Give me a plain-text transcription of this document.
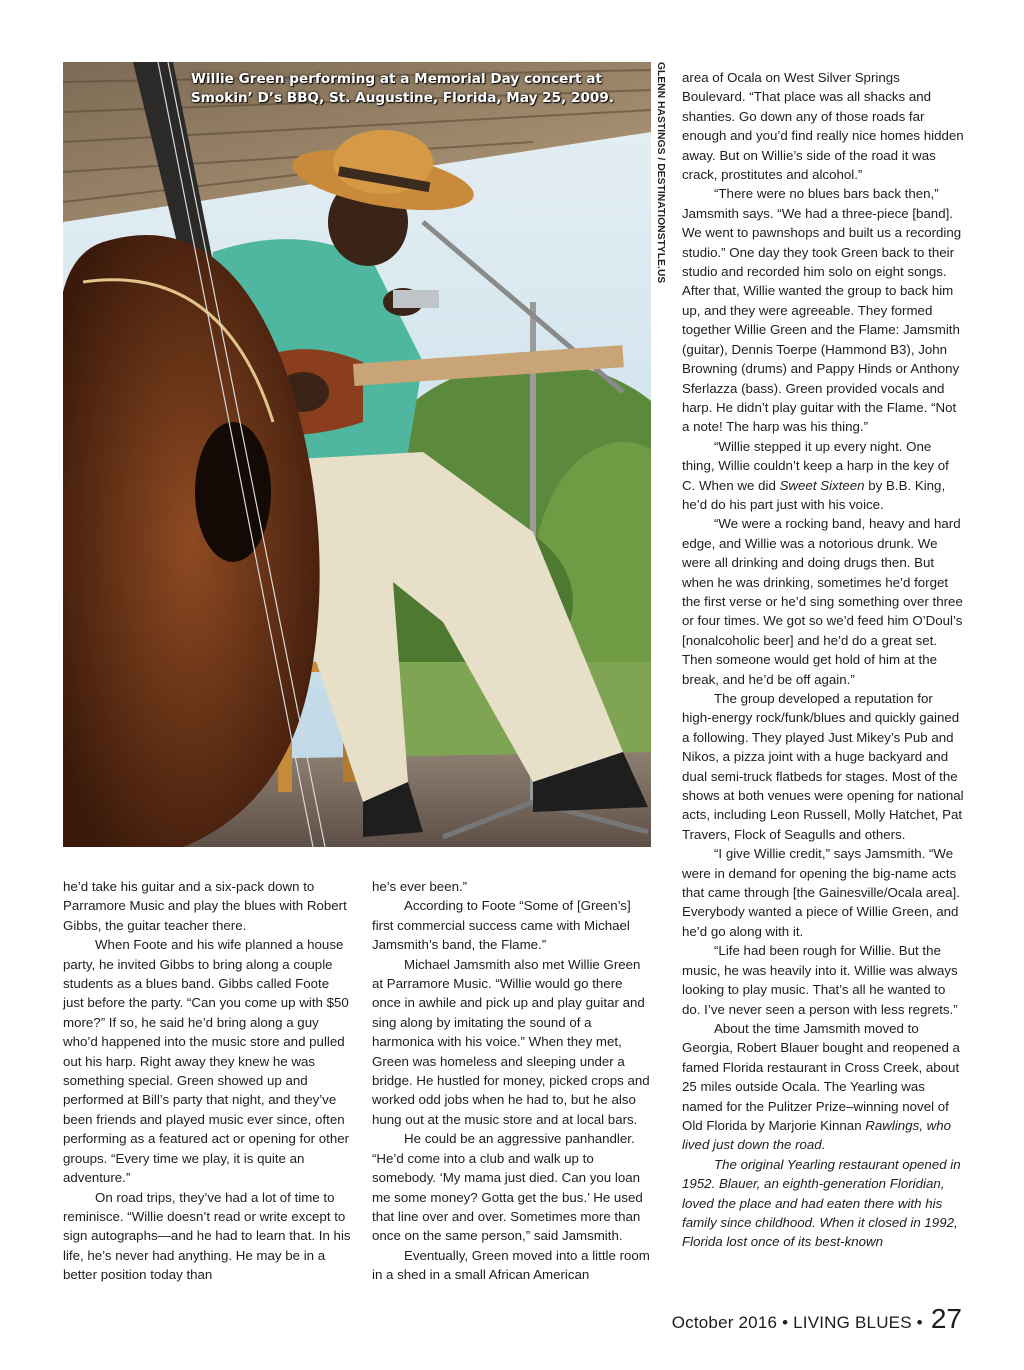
Willie Green performing at a Memorial Day concert at Smokin’ D’s BBQ, St. Augustine, Florida, May 25, 2009.	GLENN HASTINGS / DESTINATIONSTYLE.US

he’d take his guitar and a six-pack down to Parramore Music and play the blues with Robert Gibbs, the guitar teacher there.

When Foote and his wife planned a house party, he invited Gibbs to bring along a couple students as a blues band. Gibbs called Foote just before the party. “Can you come up with $50 more?” If so, he said he’d bring along a guy who’d happened into the music store and pulled out his harp. Right away they knew he was something special. Green showed up and performed at Bill’s party that night, and they’ve been friends and played music ever since, often performing as a featured act or opening for other groups. “Every time we play, it is quite an adventure.”

On road trips, they’ve had a lot of time to reminisce. “Willie doesn’t read or write except to sign autographs—and he had to learn that. In his life, he’s never had anything. He may be in a better position today than

he’s ever been.”

According to Foote “Some of [Green’s] first commercial success came with Michael Jamsmith’s band, the Flame.”

Michael Jamsmith also met Willie Green at Parramore Music. “Willie would go there once in awhile and pick up and play guitar and sing along by imitating the sound of a harmonica with his voice.” When they met, Green was homeless and sleeping under a bridge. He hustled for money, picked crops and worked odd jobs when he had to, but he also hung out at the music store and at local bars.

He could be an aggressive panhandler. “He’d come into a club and walk up to somebody. ‘My mama just died. Can you loan me some money? Gotta get the bus.’ He used that line over and over. Sometimes more than once on the same person,” said Jamsmith.

Eventually, Green moved into a little room in a shed in a small African American

area of Ocala on West Silver Springs Boulevard. “That place was all shacks and shanties. Go down any of those roads far enough and you’d find really nice homes hidden away. But on Willie’s side of the road it was crack, prostitutes and alcohol.”

“There were no blues bars back then,” Jamsmith says. “We had a three-piece [band]. We went to pawnshops and built us a recording studio.” One day they took Green back to their studio and recorded him solo on eight songs. After that, Willie wanted the group to back him up, and they were agreeable. They formed together Willie Green and the Flame: Jamsmith (guitar), Dennis Toerpe (Hammond B3), John Browning (drums) and Pappy Hinds or Anthony Sferlazza (bass). Green provided vocals and harp. He didn’t play guitar with the Flame. “Not a note! The harp was his thing.”

“Willie stepped it up every night. One thing, Willie couldn’t keep a harp in the key of C. When we did Sweet Sixteen by B.B. King, he’d do his part just with his voice.

“We were a rocking band, heavy and hard edge, and Willie was a notorious drunk. We were all drinking and doing drugs then. But when he was drinking, sometimes he’d forget the first verse or he’d sing something over three or four times. We got so we’d feed him O’Doul’s [nonalcoholic beer] and he’d do a great set. Then someone would get hold of him at the break, and he’d be off again.”

The group developed a reputation for high-energy rock/funk/blues and quickly gained a following. They played Just Mikey’s Pub and Nikos, a pizza joint with a huge backyard and dual semi-truck flatbeds for stages. Most of the shows at both venues were opening for national acts, including Leon Russell, Molly Hatchet, Pat Travers, Flock of Seagulls and others.

“I give Willie credit,” says Jamsmith. “We were in demand for opening the big-name acts that came through [the Gainesville/Ocala area]. Everybody wanted a piece of Willie Green, and he’d go along with it.

“Life had been rough for Willie. But the music, he was heavily into it. Willie was always looking to play music. That’s all he wanted to do. I’ve never seen a person with less regrets.”

About the time Jamsmith moved to Georgia, Robert Blauer bought and reopened a famed Florida restaurant in Cross Creek, about 25 miles outside Ocala. The Yearling was named for the Pulitzer Prize–winning novel of Old Florida by Marjorie Kinnan Rawlings, who lived just down the road.

The original Yearling restaurant opened in 1952. Blauer, an eighth-generation Floridian, loved the place and had eaten there with his family since childhood. When it closed in 1992, Florida lost once of its best-known

October 2016 • LIVING BLUES • 27
